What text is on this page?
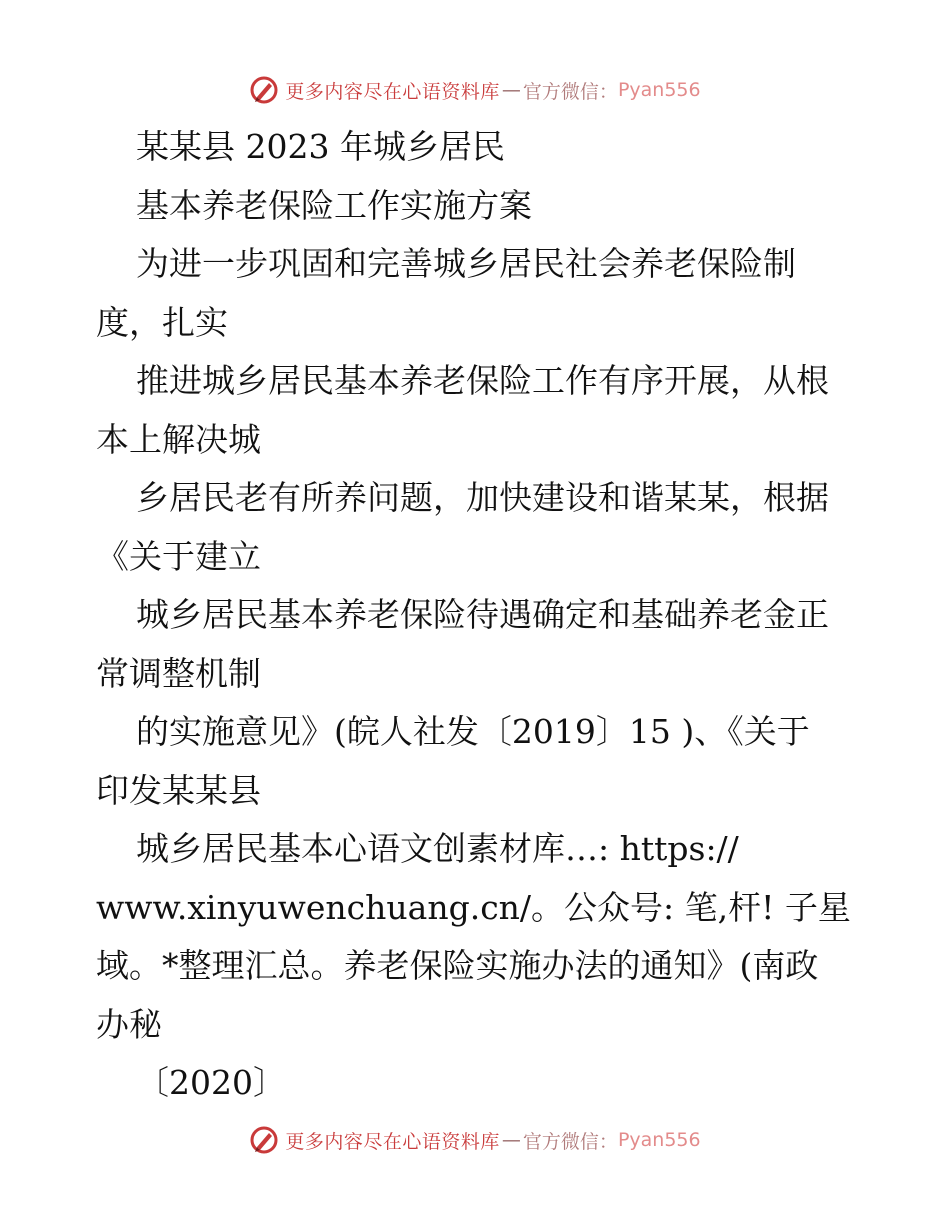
更多内容尽在心语资料库 — 官方微信： Pyan556
某某县 2023 年城乡居民
基本养老保险工作实施方案
为进一步巩固和完善城乡居民社会养老保险制
度，扎实
推进城乡居民基本养老保险工作有序开展，从根
本上解决城
乡居民老有所养问题，加快建设和谐某某，根据
《关于建立
城乡居民基本养老保险待遇确定和基础养老金正
常调整机制
的实施意见》(皖人社发〔2019〕15 )、《关于
印发某某县
城乡居民基本心语文创素材库…: https://
www.xinyuwenchuang.cn/。公众号: 笔,杆! 子星
域。*整理汇总。养老保险实施办法的通知》(南政
办秘
〔2020〕
更多内容尽在心语资料库 — 官方微信： Pyan556
